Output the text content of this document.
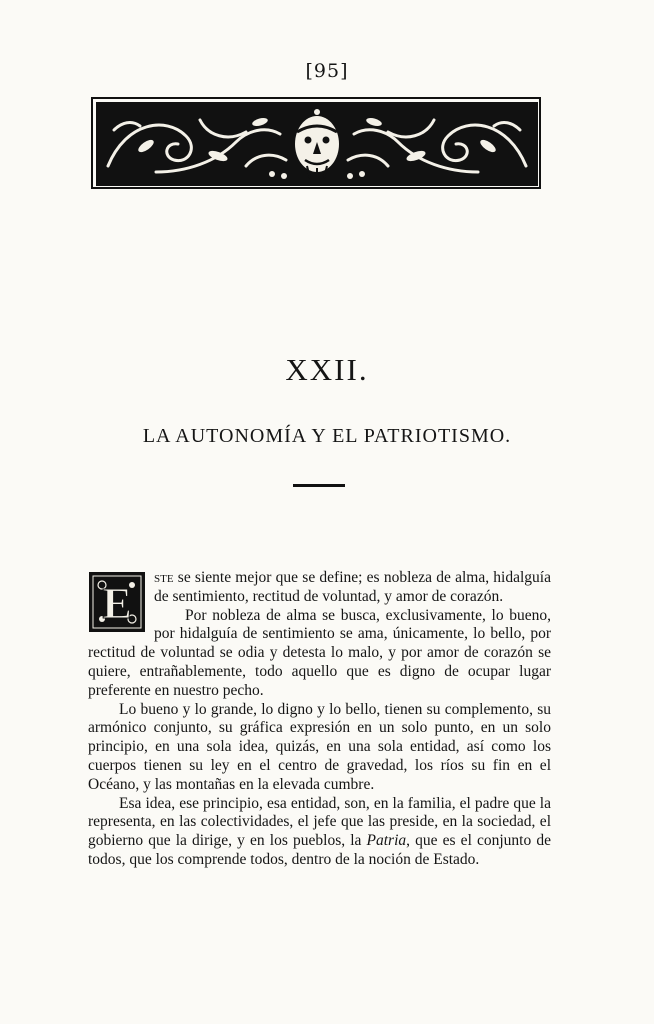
[95]
XXII.
LA AUTONOMÍA Y EL PATRIOTISMO.
E

ste se siente mejor que se define; es nobleza de alma, hidalguía de sentimiento, rectitud de voluntad, y amor de corazón.

Por nobleza de alma se busca, exclusivamente, lo bueno, por hidalguía de sentimiento se ama, únicamente, lo bello, por rectitud de voluntad se odia y detesta lo malo, y por amor de corazón se quiere, entrañablemente, todo aquello que es digno de ocupar lugar preferente en nuestro pecho.

Lo bueno y lo grande, lo digno y lo bello, tienen su complemento, su armónico conjunto, su gráfica expresión en un solo punto, en un solo principio, en una sola idea, quizás, en una sola entidad, así como los cuerpos tienen su ley en el centro de gravedad, los ríos su fin en el Océano, y las montañas en la elevada cumbre.

Esa idea, ese principio, esa entidad, son, en la familia, el padre que la representa, en las colectividades, el jefe que las preside, en la sociedad, el gobierno que la dirige, y en los pueblos, la Patria, que es el conjunto de todos, que los comprende todos, dentro de la noción de Estado.
